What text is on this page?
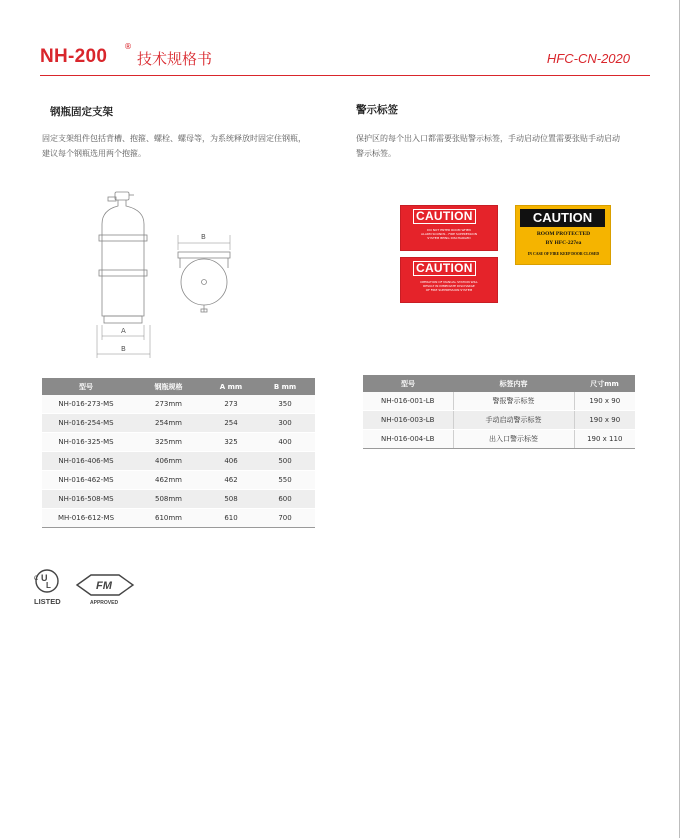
NH-200 ®
技术规格书	HFC-CN-2020
钢瓶固定支架
固定支架组件包括背槽、抱箍、螺栓、螺母等，为系统释放时固定住钢瓶，
建议每个钢瓶选用两个抱箍。
A
B
B
型号	钢瓶规格	A mm	B mm
NH-016-273-MS	273mm	273	350
NH-016-254-MS	254mm	254	300
NH-016-325-MS	325mm	325	400
NH-016-406-MS	406mm	406	500
NH-016-462-MS	462mm	462	550
NH-016-508-MS	508mm	508	600
MH-016-612-MS	610mm	610	700
警示标签
保护区的每个出入口都需要张贴警示标签，手动启动位置需要张贴手动启动
警示标签。
CAUTION
DO NOT ENTER ROOM WHEN
ALARM SOUNDS - FIRE SUPPRESSION
SYSTEM BEING DISCHARGED
CAUTION
OPERATION OF MANUAL STATION WILL
RESULT IN IMMEDIATE DISCHARGE
OF FIRE SUPPRESSION SYSTEM
CAUTION
ROOM PROTECTED
BY HFC-227ea
IN CASE OF FIRE KEEP DOOR CLOSED
型号	标签内容	尺寸mm
NH-016-001-LB	警报警示标签	190 x 90
NH-016-003-LB	手动启动警示标签	190 x 90
NH-016-004-LB	出入口警示标签	190 x 110
U
L
C
LISTED
FM
APPROVED
